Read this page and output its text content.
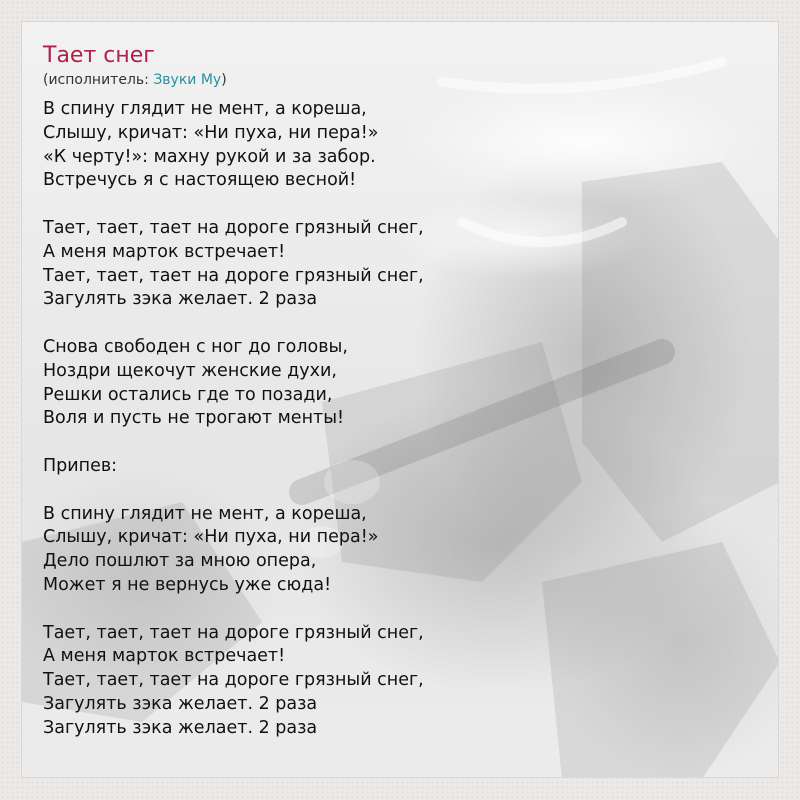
Тает снег
(исполнитель: Звуки Му)
В спину глядит не мент, а кореша,
Слышу, кричат: «Ни пуха, ни пера!»
«К черту!»: махну рукой и за забор.
Встречусь я с настоящею весной!
Тает, тает, тает на дороге грязный снег,
А меня марток встречает!
Тает, тает, тает на дороге грязный снег,
Загулять зэка желает. 2 раза
Снова свободен с ног до головы,
Ноздри щекочут женские духи,
Решки остались где то позади,
Воля и пусть не трогают менты!
Припев:
В спину глядит не мент, а кореша,
Слышу, кричат: «Ни пуха, ни пера!»
Дело пошлют за мною опера,
Может я не вернусь уже сюда!
Тает, тает, тает на дороге грязный снег,
А меня марток встречает!
Тает, тает, тает на дороге грязный снег,
Загулять зэка желает. 2 раза
Загулять зэка желает. 2 раза
